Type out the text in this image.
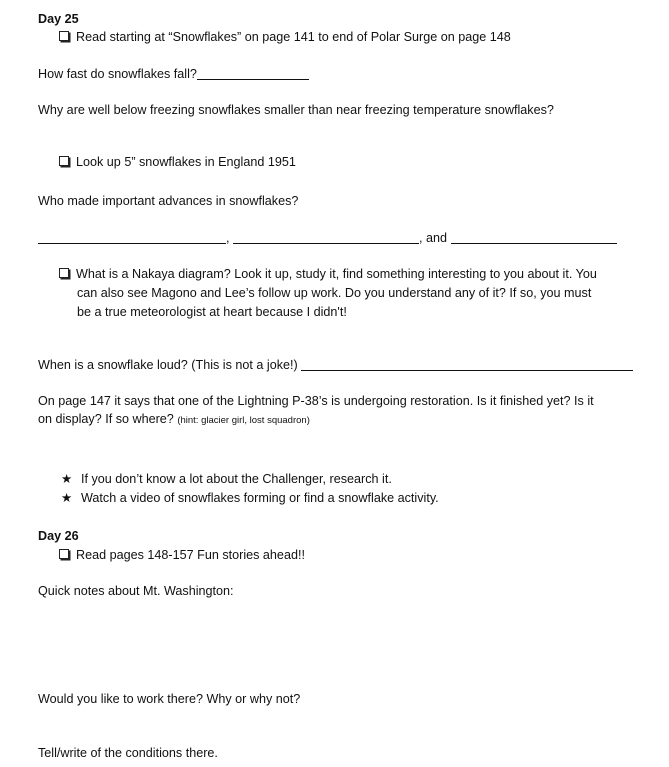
Day 25
Read starting at “Snowflakes” on page 141 to end of Polar Surge on page 148
How fast do snowflakes fall?
Why are well below freezing snowflakes smaller than near freezing temperature snowflakes?
Look up 5” snowflakes in England 1951
Who made important advances in snowflakes?
,	, and
What is a Nakaya diagram? Look it up, study it, find something interesting to you about it. You
can also see Magono and Lee’s follow up work. Do you understand any of it? If so, you must
be a true meteorologist at heart because I didn't!
When is a snowflake loud? (This is not a joke!)
On page 147 it says that one of the Lightning P-38’s is undergoing restoration. Is it finished yet? Is it
on display? If so where? (hint: glacier girl, lost squadron)
★ If you don’t know a lot about the Challenger, research it.
★ Watch a video of snowflakes forming or find a snowflake activity.
Day 26
Read pages 148-157 Fun stories ahead!!
Quick notes about Mt. Washington:
Would you like to work there? Why or why not?
Tell/write of the conditions there.
